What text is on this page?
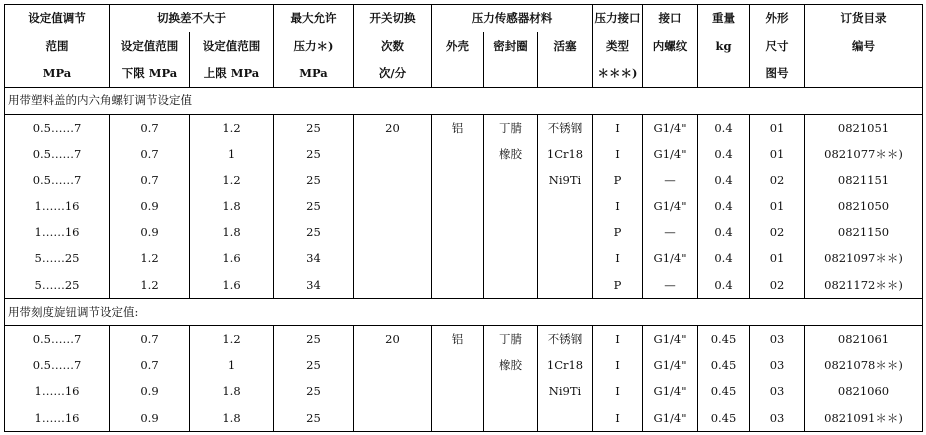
设定值调节	切换差不大于		最大允许	开关切换	压力传感器材料			压力接口	接口	重量	外形	订货目录
范围	设定值范围	设定值范围	压力＊)	次数	外壳	密封圈	活塞	类型	内螺纹	kg	尺寸	编号
MPa	下限 MPa	上限 MPa	MPa	次/分				＊＊＊)			图号	
用带塑料盖的内六角螺钉调节设定值												
0.5……7	0.7	1.2	25	20	铝	丁腈	不锈钢	I	G1/4"	0.4	01	0821051
0.5……7	0.7	1	25			橡胶	1Cr18	I	G1/4"	0.4	01	0821077＊＊)
0.5……7	0.7	1.2	25				Ni9Ti	P	—	0.4	02	0821151
1……16	0.9	1.8	25					I	G1/4"	0.4	01	0821050
1……16	0.9	1.8	25					P	—	0.4	02	0821150
5……25	1.2	1.6	34					I	G1/4"	0.4	01	0821097＊＊)
5……25	1.2	1.6	34					P	—	0.4	02	0821172＊＊)
用带刻度旋钮调节设定值:												
0.5……7	0.7	1.2	25	20	铝	丁腈	不锈钢	I	G1/4"	0.45	03	0821061
0.5……7	0.7	1	25			橡胶	1Cr18	I	G1/4"	0.45	03	0821078＊＊)
1……16	0.9	1.8	25				Ni9Ti	I	G1/4"	0.45	03	0821060
1……16	0.9	1.8	25					I	G1/4"	0.45	03	0821091＊＊)
